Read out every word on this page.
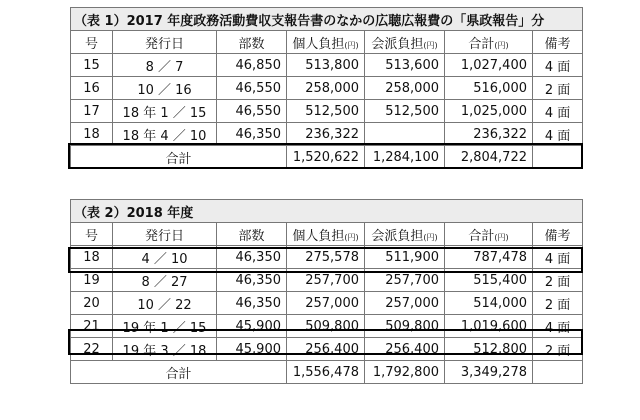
（表 1）2017 年度政務活動費収支報告書のなかの広聴広報費の「県政報告」分						
号	発行日	部数	個人負担(円)	会派負担(円)	合計(円)	備考
15	8 ／ 7	46,850	513,800	513,600	1,027,400	4 面
16	10 ／ 16	46,550	258,000	258,000	516,000	2 面
17	18 年 1 ／ 15	46,550	512,500	512,500	1,025,000	4 面
18	18 年 4 ／ 10	46,350	236,322		236,322	4 面
合計			1,520,622	1,284,100	2,804,722	
（表 2）2018 年度						
号	発行日	部数	個人負担(円)	会派負担(円)	合計(円)	備考
18	4 ／ 10	46,350	275,578	511,900	787,478	4 面
19	8 ／ 27	46,350	257,700	257,700	515,400	2 面
20	10 ／ 22	46,350	257,000	257,000	514,000	2 面
21	19 年 1 ／ 15	45,900	509,800	509,800	1,019,600	4 面
22	19 年 3 ／ 18	45,900	256,400	256,400	512,800	2 面
合計			1,556,478	1,792,800	3,349,278	
